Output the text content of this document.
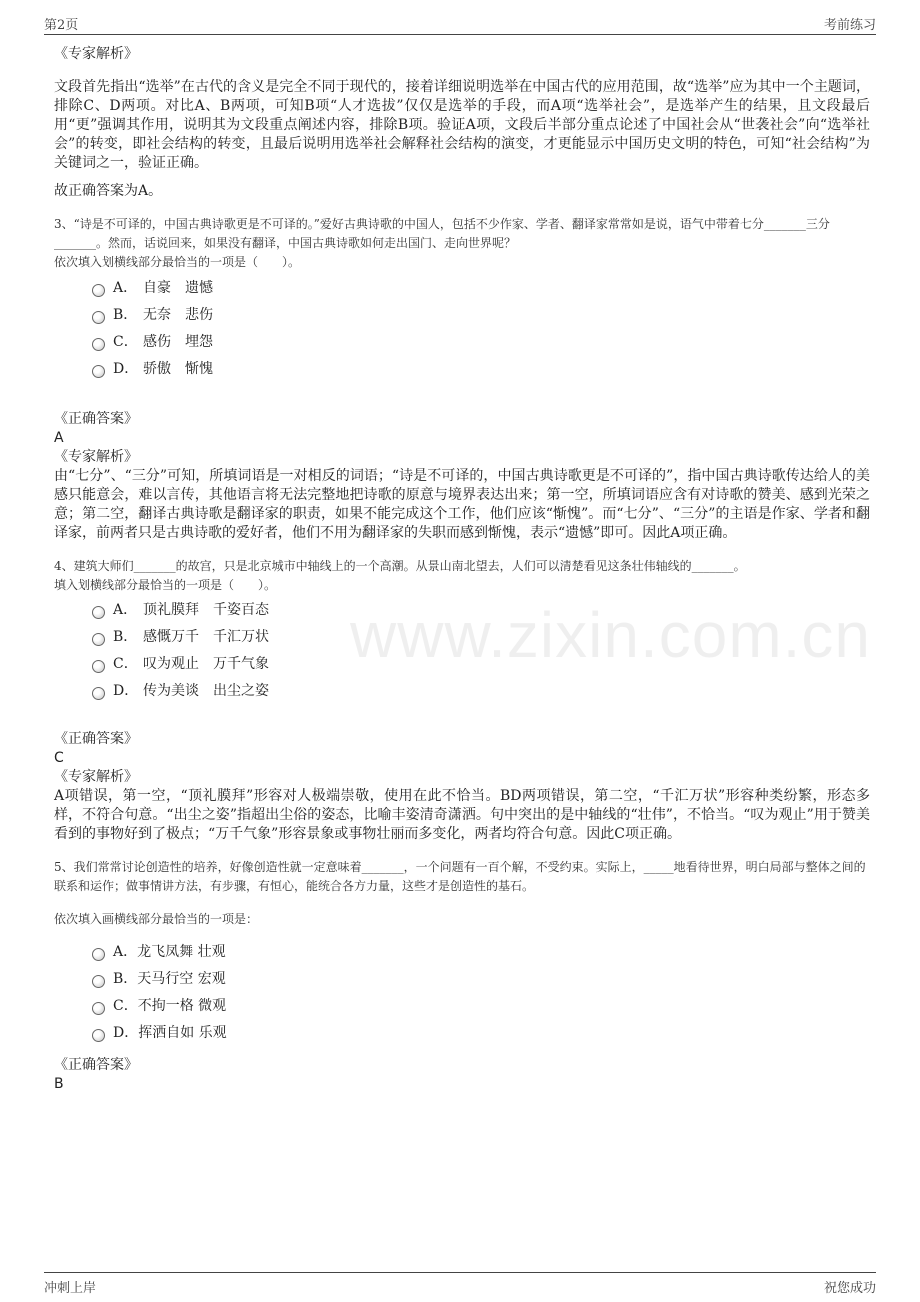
第2页	考前练习
www.zixin.com.cn
《专家解析》
文段首先指出“选举”在古代的含义是完全不同于现代的，接着详细说明选举在中国古代的应用范围，故“选举”应为其中一个主题词，排除C、D两项。对比A、B两项，可知B项“人才选拔”仅仅是选举的手段，而A项“选举社会”，是选举产生的结果，且文段最后用“更”强调其作用，说明其为文段重点阐述内容，排除B项。验证A项，文段后半部分重点论述了中国社会从“世袭社会”向“选举社会”的转变，即社会结构的转变，且最后说明用选举社会解释社会结构的演变，才更能显示中国历史文明的特色，可知“社会结构”为关键词之一，验证正确。
故正确答案为A。
3、“诗是不可译的，中国古典诗歌更是不可译的。”爱好古典诗歌的中国人，包括不少作家、学者、翻译家常常如是说，语气中带着七分_______三分_______。然而，话说回来，如果没有翻译，中国古典诗歌如何走出国门、走向世界呢？
依次填入划横线部分最恰当的一项是（　　）。
A． 自豪　遗憾
B． 无奈　悲伤
C． 感伤　埋怨
D． 骄傲　惭愧
《正确答案》
A
《专家解析》
由“七分”、“三分”可知，所填词语是一对相反的词语；“诗是不可译的，中国古典诗歌更是不可译的”，指中国古典诗歌传达给人的美感只能意会，难以言传，其他语言将无法完整地把诗歌的原意与境界表达出来；第一空，所填词语应含有对诗歌的赞美、感到光荣之意；第二空，翻译古典诗歌是翻译家的职责，如果不能完成这个工作，他们应该“惭愧”。而“七分”、“三分”的主语是作家、学者和翻译家，前两者只是古典诗歌的爱好者，他们不用为翻译家的失职而感到惭愧，表示“遗憾”即可。因此A项正确。
4、建筑大师们_______的故宫，只是北京城市中轴线上的一个高潮。从景山南北望去，人们可以清楚看见这条壮伟轴线的_______。
填入划横线部分最恰当的一项是（　　）。
A． 顶礼膜拜　千姿百态
B． 感慨万千　千汇万状
C． 叹为观止　万千气象
D． 传为美谈　出尘之姿
《正确答案》
C
《专家解析》
A项错误，第一空，“顶礼膜拜”形容对人极端崇敬，使用在此不恰当。BD两项错误，第二空，“千汇万状”形容种类纷繁，形态多样，不符合句意。“出尘之姿”指超出尘俗的姿态，比喻丰姿清奇潇洒。句中突出的是中轴线的“壮伟”，不恰当。“叹为观止”用于赞美看到的事物好到了极点；“万千气象”形容景象或事物壮丽而多变化，两者均符合句意。因此C项正确。
5、我们常常讨论创造性的培养，好像创造性就一定意味着_______，一个问题有一百个解，不受约束。实际上，_____地看待世界，明白局部与整体之间的联系和运作；做事情讲方法，有步骤，有恒心，能统合各方力量，这些才是创造性的基石。
依次填入画横线部分最恰当的一项是：
A． 龙飞凤舞 壮观
B． 天马行空 宏观
C． 不拘一格 微观
D． 挥洒自如 乐观
《正确答案》
B
冲刺上岸	祝您成功
